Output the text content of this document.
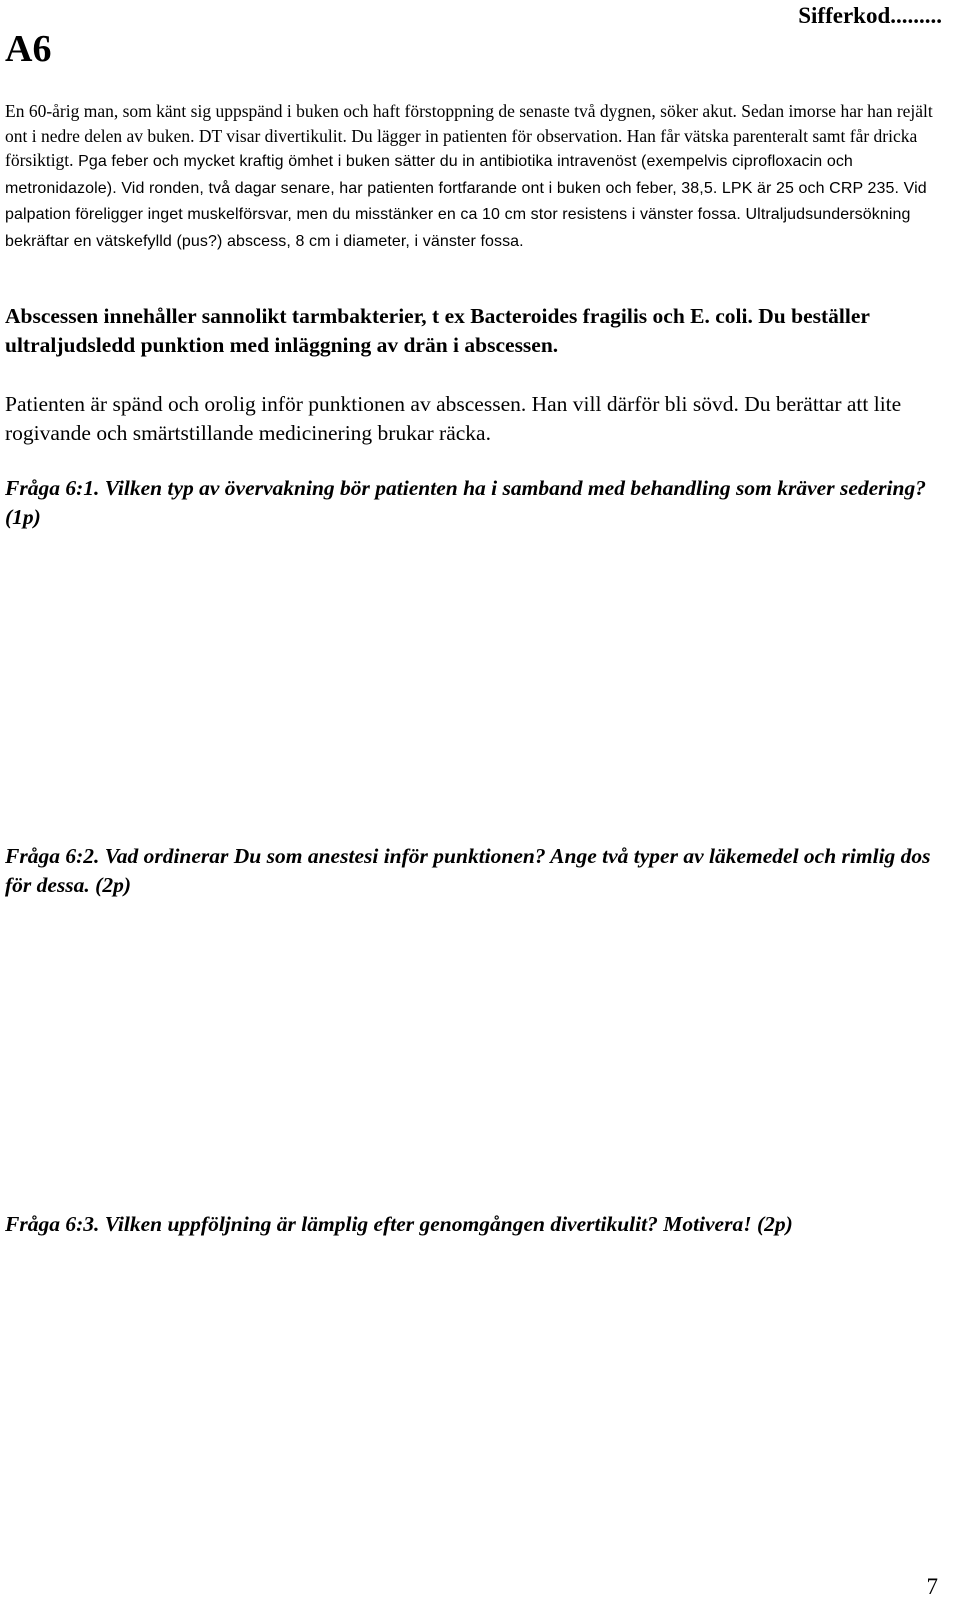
A6
Sifferkod.........

En 60-årig man, som känt sig uppspänd i buken och haft förstoppning de senaste två dygnen, söker akut. Sedan imorse har han rejält ont i nedre delen av buken. DT visar divertikulit. Du lägger in patienten för observation. Han får vätska parenteralt samt får dricka försiktigt. Pga feber och mycket kraftig ömhet i buken sätter du in antibiotika intravenöst (exempelvis ciprofloxacin och metronidazole). Vid ronden, två dagar senare, har patienten fortfarande ont i buken och feber, 38,5. LPK är 25 och CRP 235. Vid palpation föreligger inget muskelförsvar, men du misstänker en ca 10 cm stor resistens i vänster fossa. Ultraljudsundersökning bekräftar en vätskefylld (pus?) abscess, 8 cm i diameter, i vänster fossa.

Abscessen innehåller sannolikt tarmbakterier, t ex Bacteroides fragilis och E. coli. Du beställer ultraljudsledd punktion med inläggning av drän i abscessen.

Patienten är spänd och orolig inför punktionen av abscessen. Han vill därför bli sövd. Du berättar att lite rogivande och smärtstillande medicinering brukar räcka.

Fråga 6:1. Vilken typ av övervakning bör patienten ha i samband med behandling som kräver sedering? (1p)

Fråga 6:2. Vad ordinerar Du som anestesi inför punktionen? Ange två typer av läkemedel och rimlig dos för dessa. (2p)

Fråga 6:3. Vilken uppföljning är lämplig efter genomgången divertikulit? Motivera! (2p)

7
